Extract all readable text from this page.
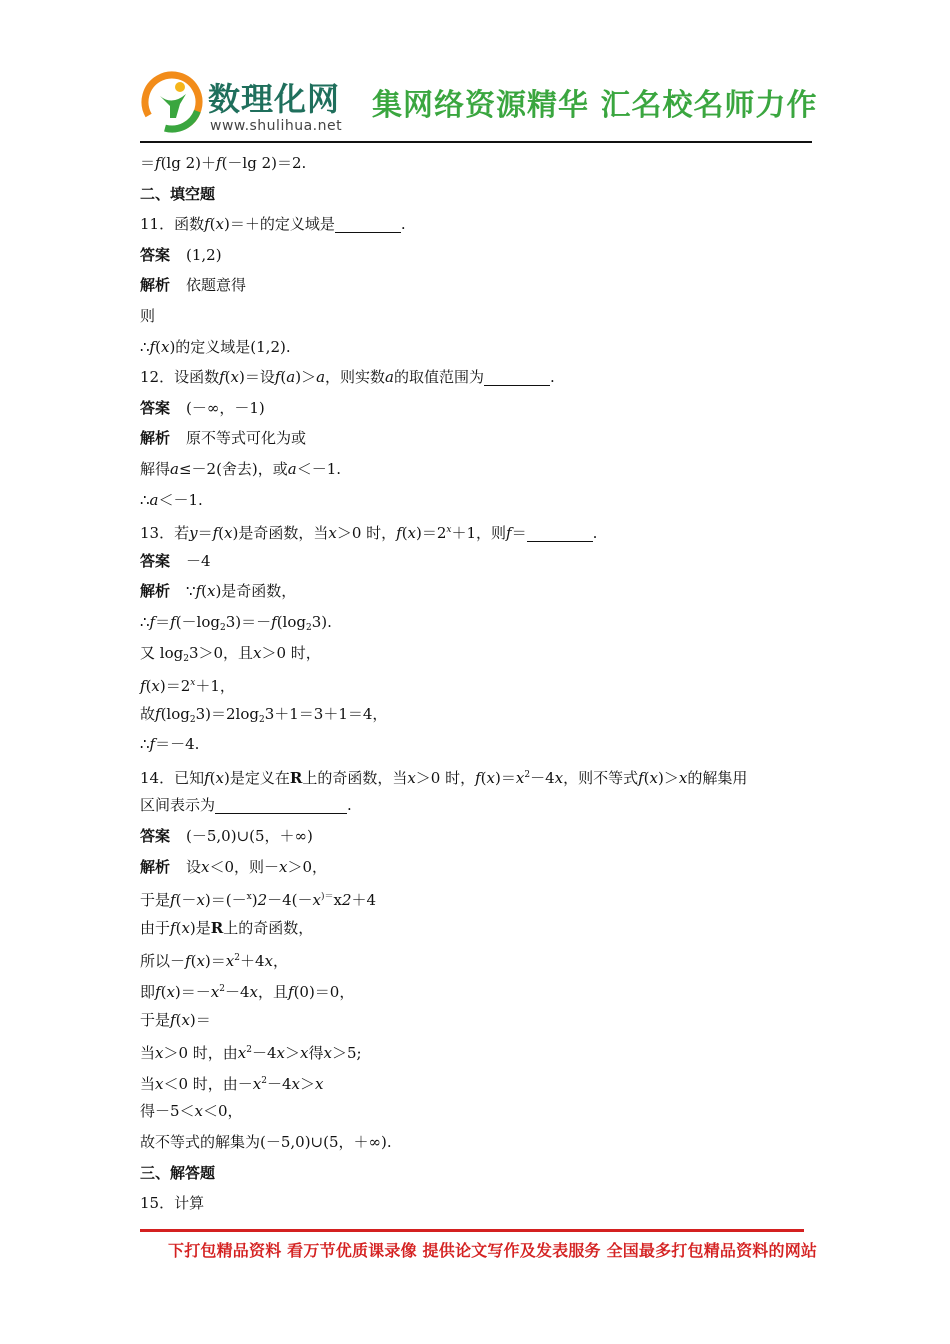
数理化网
www.shulihua.net
集网络资源精华 汇名校名师力作
＝f(lg 2)＋f(－lg 2)＝2.
二、填空题
11．函数f(x)＝＋的定义域是	.
答案 (1,2)
解析 依题意得
则
∴f(x)的定义域是(1,2).
12．设函数f(x)＝设f(a)＞a，则实数a的取值范围为	.
答案 (－∞，－1)
解析 原不等式可化为或
解得a≤－2(舍去)，或a＜－1.
∴a＜－1.
13．若y＝f(x)是奇函数，当x＞0 时，$f(x)=2^x+1$，则f＝	.
答案 －4
解析 ∵f(x)是奇函数，
$\therefore f=f(-\log_23)=-f(\log_23)$.
又 $\log_23>0$，且x＞0 时，
$f(x)=2^x+1$，
故$f(\log_23)=2\log_23+1=3+1=4$，
∴f＝－4.
14．已知f(x)是定义在R上的奇函数，当x＞0 时，$f(x)=x^2-4x$，则不等式f(x)＞x的解集用
区间表示为	.
答案 (－5,0)∪(5，＋∞)
解析 设x＜0，则－x＞0，
于是f(－x)＝(－$^x$)2－4(－x)＝x2＋4
由于f(x)是R上的奇函数，
所以$-f(x)=x^2+4x$，
即$f(x)=-x^2-4x$，且f(0)＝0，
于是f(x)＝
当x＞0 时，由$x^2-4x>x$得x＞5;
当x＜0 时，由$-x^2-4x>x$
得－5＜x＜0，
故不等式的解集为(－5,0)∪(5，＋∞).
三、解答题
15．计算
下打包精品资料 看万节优质课录像 提供论文写作及发表服务 全国最多打包精品资料的网站
